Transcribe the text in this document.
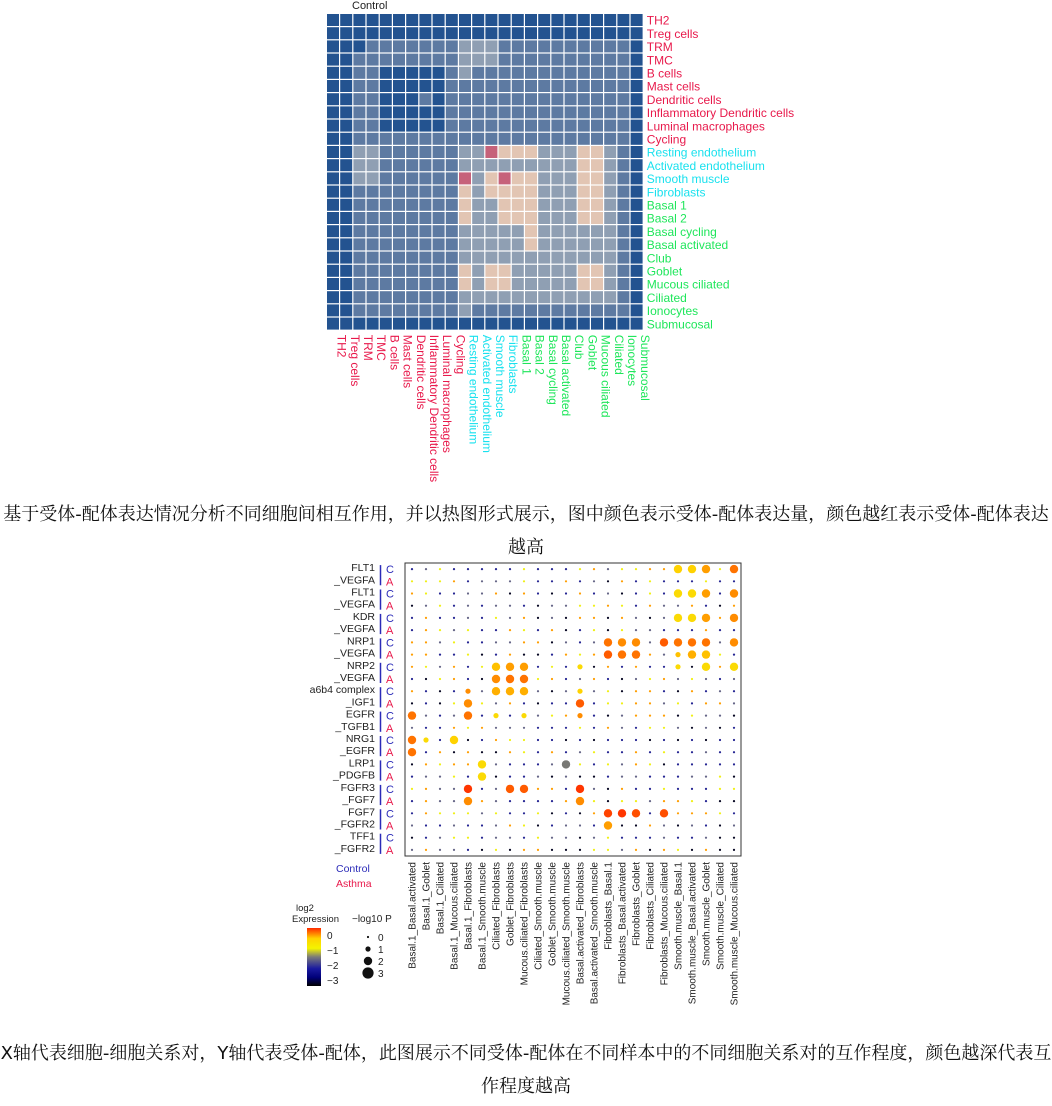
Control
TH2
TH2
Treg cells
Treg cells
TRM
TRM
TMC
TMC
B cells
B cells
Mast cells
Mast cells
Dendritic cells
Dendritic cells
Inflammatory Dendritic cells
Inflammatory Dendritic cells
Luminal macrophages
Luminal macrophages
Cycling
Cycling
Resting endothelium
Resting endothelium
Activated endothelium
Activated endothelium
Smooth muscle
Smooth muscle
Fibroblasts
Fibroblasts
Basal 1
Basal 1
Basal 2
Basal 2
Basal cycling
Basal cycling
Basal activated
Basal activated
Club
Club
Goblet
Goblet
Mucous ciliated
Mucous ciliated
Ciliated
Ciliated
Ionocytes
Ionocytes
Submucosal
Submucosal
FLT1
_VEGFA
C
A
FLT1
_VEGFA
C
A
KDR
_VEGFA
C
A
NRP1
_VEGFA
C
A
NRP2
_VEGFA
C
A
a6b4 complex
_IGF1
C
A
EGFR
_TGFB1
C
A
NRG1
_EGFR
C
A
LRP1
_PDGFB
C
A
FGFR3
_FGF7
C
A
FGF7
_FGFR2
C
A
TFF1
_FGFR2
C
A
Basal.1_Basal.activated Basal.1_Goblet Basal.1_Ciliated Basal.1_Mucous.ciliated Basal.1_Fibroblasts Basal.1_Smooth.muscle Ciliated_Fibroblasts Goblet_Fibroblasts Mucous.ciliated_Fibroblasts Ciliated_Smooth.muscle Goblet_Smooth.muscle Mucous.ciliated_Smooth.muscle Basal.activated_Fibroblasts Basal.activated_Smooth.muscle Fibroblasts_Basal.1 Fibroblasts_Basal.activated Fibroblasts_Goblet Fibroblasts_Ciliated Fibroblasts_Mucous.ciliated Smooth.muscle_Basal.1 Smooth.muscle_Basal.activated Smooth.muscle_Goblet Smooth.muscle_Ciliated Smooth.muscle_Mucous.ciliated
Control
Asthma
log2
Expression
0
−1
−2
−3
−log10 P
0
1
2
3
基于受体-配体表达情况分析不同细胞间相互作用，并以热图形式展示，图中颜色表示受体-配体表达量，颜色越红表示受体-配体表达越高
X轴代表细胞-细胞关系对，Y轴代表受体-配体，此图展示不同受体-配体在不同样本中的不同细胞关系对的互作程度，颜色越深代表互作程度越高
